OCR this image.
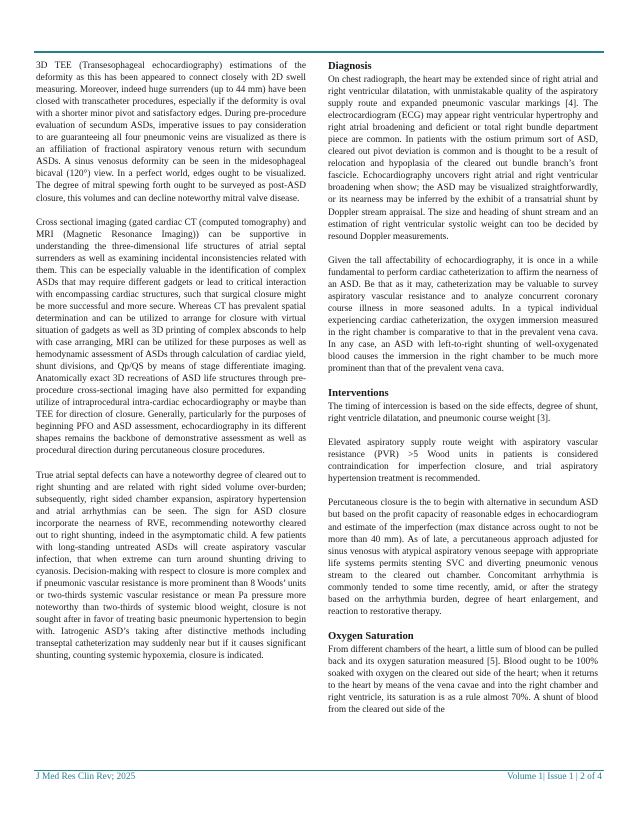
3D TEE (Transesophageal echocardiography) estimations of the deformity as this has been appeared to connect closely with 2D swell measuring. Moreover, indeed huge surrenders (up to 44 mm) have been closed with transcatheter procedures, especially if the deformity is oval with a shorter minor pivot and satisfactory edges. During pre-procedure evaluation of secundum ASDs, imperative issues to pay consideration to are guaranteeing all four pneumonic veins are visualized as there is an affiliation of fractional aspiratory venous return with secundum ASDs. A sinus venosus deformity can be seen in the midesophageal bicaval (120°) view. In a perfect world, edges ought to be visualized. The degree of mitral spewing forth ought to be surveyed as post-ASD closure, this volumes and can decline noteworthy mitral valve disease.

Cross sectional imaging (gated cardiac CT (computed tomography) and MRI (Magnetic Resonance Imaging)) can be supportive in understanding the three-dimensional life structures of atrial septal surrenders as well as examining incidental inconsistencies related with them. This can be especially valuable in the identification of complex ASDs that may require different gadgets or lead to critical interaction with encompassing cardiac structures, such that surgical closure might be more successful and more secure. Whereas CT has prevalent spatial determination and can be utilized to arrange for closure with virtual situation of gadgets as well as 3D printing of complex absconds to help with case arranging, MRI can be utilized for these purposes as well as hemodynamic assessment of ASDs through calculation of cardiac yield, shunt divisions, and Qp/QS by means of stage differentiate imaging. Anatomically exact 3D recreations of ASD life structures through pre-procedure cross-sectional imaging have also permitted for expanding utilize of intraprocedural intra-cardiac echocardiography or maybe than TEE for direction of closure. Generally, particularly for the purposes of beginning PFO and ASD assessment, echocardiography in its different shapes remains the backbone of demonstrative assessment as well as procedural direction during percutaneous closure procedures.

True atrial septal defects can have a noteworthy degree of cleared out to right shunting and are related with right sided volume over-burden; subsequently, right sided chamber expansion, aspiratory hypertension and atrial arrhythmias can be seen. The sign for ASD closure incorporate the nearness of RVE, recommending noteworthy cleared out to right shunting, indeed in the asymptomatic child. A few patients with long-standing untreated ASDs will create aspiratory vascular infection, that when extreme can turn around shunting driving to cyanosis. Decision-making with respect to closure is more complex and if pneumonic vascular resistance is more prominent than 8 Woods’ units or two-thirds systemic vascular resistance or mean Pa pressure more noteworthy than two-thirds of systemic blood weight, closure is not sought after in favor of treating basic pneumonic hypertension to begin with. Iatrogenic ASD’s taking after distinctive methods including transeptal catheterization may suddenly near but if it causes significant shunting, counting systemic hypoxemia, closure is indicated.

Diagnosis

On chest radiograph, the heart may be extended since of right atrial and right ventricular dilatation, with unmistakable quality of the aspiratory supply route and expanded pneumonic vascular markings [4]. The electrocardiogram (ECG) may appear right ventricular hypertrophy and right atrial broadening and deficient or total right bundle department piece are common. In patients with the ostium primum sort of ASD, cleared out pivot deviation is common and is thought to be a result of relocation and hypoplasia of the cleared out bundle branch’s front fascicle. Echocardiography uncovers right atrial and right ventricular broadening when show; the ASD may be visualized straightforwardly, or its nearness may be inferred by the exhibit of a transatrial shunt by Doppler stream appraisal. The size and heading of shunt stream and an estimation of right ventricular systolic weight can too be decided by resound Doppler measurements.

Given the tall affectability of echocardiography, it is once in a while fundamental to perform cardiac catheterization to affirm the nearness of an ASD. Be that as it may, catheterization may be valuable to survey aspiratory vascular resistance and to analyze concurrent coronary course illness in more seasoned adults. In a typical individual experiencing cardiac catheterization, the oxygen immersion measured in the right chamber is comparative to that in the prevalent vena cava. In any case, an ASD with left-to-right shunting of well-oxygenated blood causes the immersion in the right chamber to be much more prominent than that of the prevalent vena cava.

Interventions

The timing of intercession is based on the side effects, degree of shunt, right ventricle dilatation, and pneumonic course weight [3].

Elevated aspiratory supply route weight with aspiratory vascular resistance (PVR) >5 Wood units in patients is considered contraindication for imperfection closure, and trial aspiratory hypertension treatment is recommended.

Percutaneous closure is the to begin with alternative in secundum ASD but based on the profit capacity of reasonable edges in echocardiogram and estimate of the imperfection (max distance across ought to not be more than 40 mm). As of late, a percutaneous approach adjusted for sinus venosus with atypical aspiratory venous seepage with appropriate life systems permits stenting SVC and diverting pneumonic venous stream to the cleared out chamber. Concomitant arrhythmia is commonly tended to some time recently, amid, or after the strategy based on the arrhythmia burden, degree of heart enlargement, and reaction to restorative therapy.

Oxygen Saturation

From different chambers of the heart, a little sum of blood can be pulled back and its oxygen saturation measured [5]. Blood ought to be 100% soaked with oxygen on the cleared out side of the heart; when it returns to the heart by means of the vena cavae and into the right chamber and right ventricle, its saturation is as a rule almost 70%. A shunt of blood from the cleared out side of the

J Med Res Clin Rev; 2025	Volume 1| Issue 1 | 2 of 4
